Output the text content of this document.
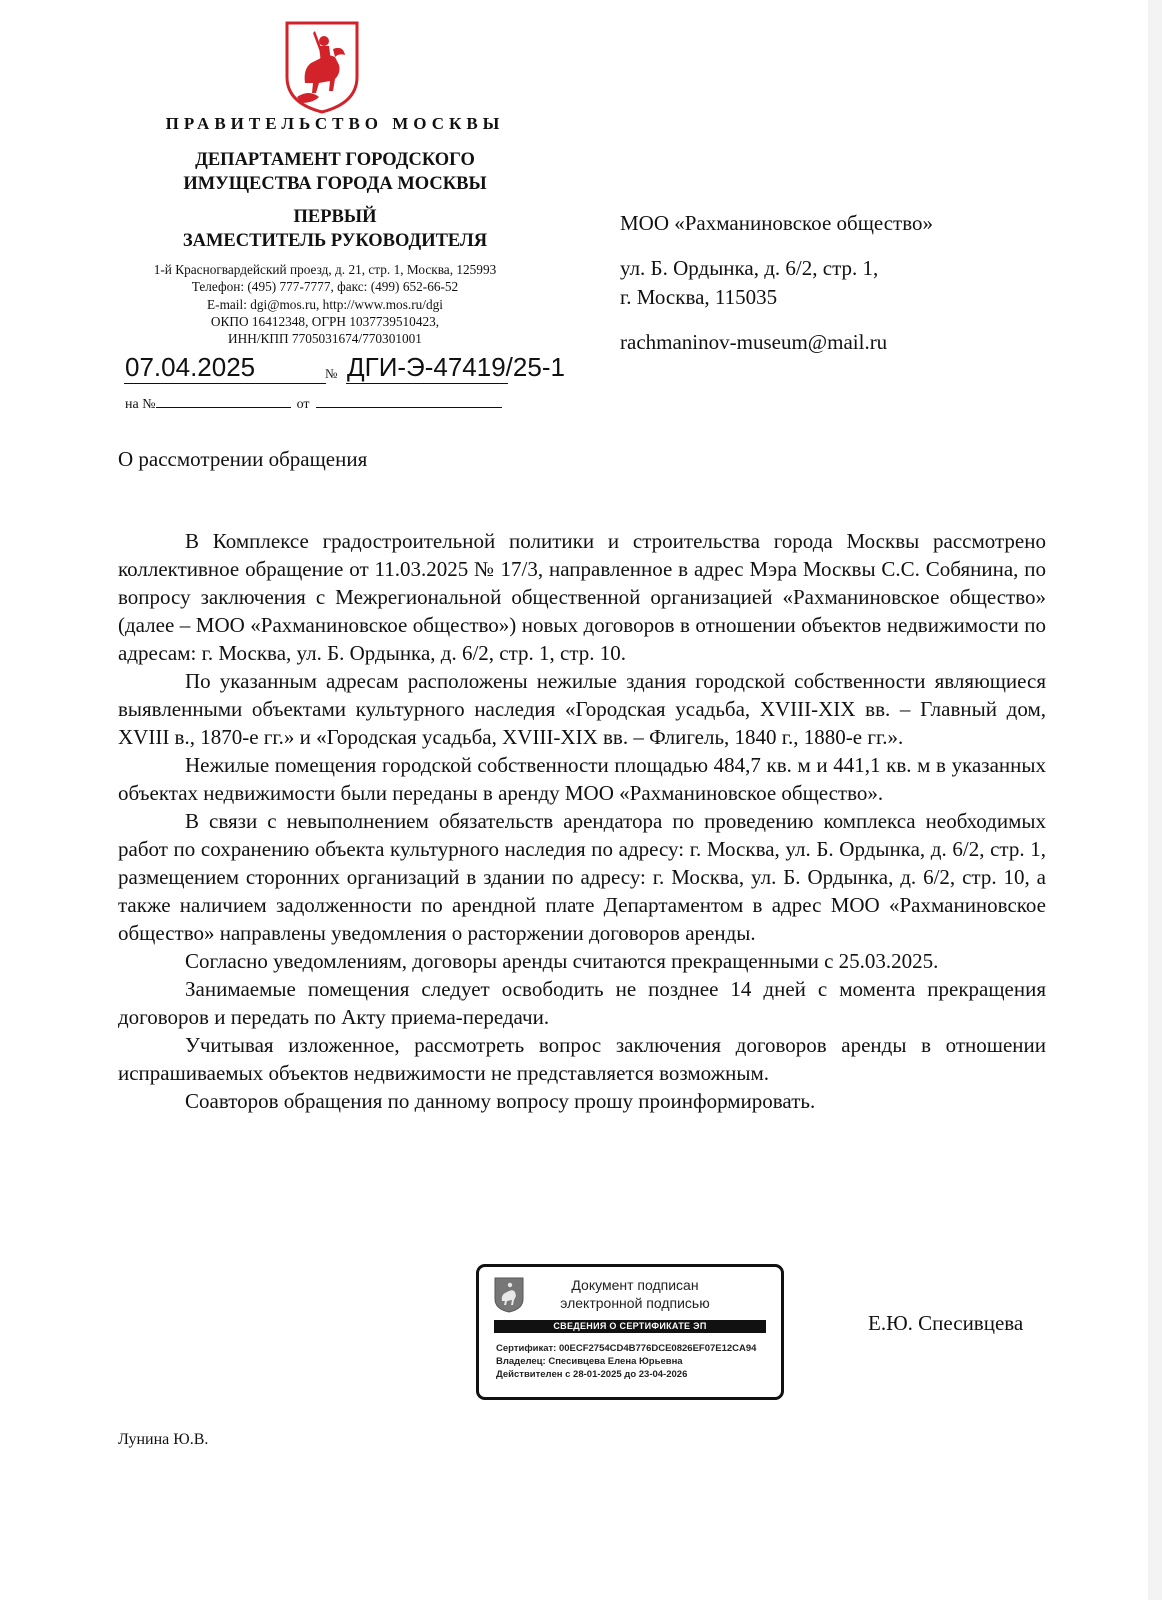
ПРАВИТЕЛЬСТВО МОСКВЫ
ДЕПАРТАМЕНТ ГОРОДСКОГО
ИМУЩЕСТВА ГОРОДА МОСКВЫ
ПЕРВЫЙ
ЗАМЕСТИТЕЛЬ РУКОВОДИТЕЛЯ
1-й Красногвардейский проезд, д. 21, стр. 1, Москва, 125993
Телефон: (495) 777-7777, факс: (499) 652-66-52
E-mail: dgi@mos.ru, http://www.mos.ru/dgi
ОКПО 16412348, ОГРН 1037739510423,
ИНН/КПП 7705031674/770301001
07.04.2025	№ ДГИ-Э-47419/25-1
на №	от
МОО «Рахманиновское общество»
ул. Б. Ордынка, д. 6/2, стр. 1,
г. Москва, 115035
rachmaninov-museum@mail.ru
О рассмотрении обращения

В Комплексе градостроительной политики и строительства города Москвы рассмотрено коллективное обращение от 11.03.2025 № 17/3, направленное в адрес Мэра Москвы С.С. Собянина, по вопросу заключения с Межрегиональной общественной организацией «Рахманиновское общество» (далее – МОО «Рахманиновское общество») новых договоров в отношении объектов недвижимости по адресам: г. Москва, ул. Б. Ордынка, д. 6/2, стр. 1, стр. 10.

По указанным адресам расположены нежилые здания городской собственности являющиеся выявленными объектами культурного наследия «Городская усадьба, XVIII-XIX вв. – Главный дом, XVIII в., 1870-е гг.» и «Городская усадьба, XVIII-XIX вв. – Флигель, 1840 г., 1880-е гг.».

Нежилые помещения городской собственности площадью 484,7 кв. м и 441,1 кв. м в указанных объектах недвижимости были переданы в аренду МОО «Рахманиновское общество».

В связи с невыполнением обязательств арендатора по проведению комплекса необходимых работ по сохранению объекта культурного наследия по адресу: г. Москва, ул. Б. Ордынка, д. 6/2, стр. 1, размещением сторонних организаций в здании по адресу: г. Москва, ул. Б. Ордынка, д. 6/2, стр. 10, а также наличием задолженности по арендной плате Департаментом в адрес МОО «Рахманиновское общество» направлены уведомления о расторжении договоров аренды.

Согласно уведомлениям, договоры аренды считаются прекращенными с 25.03.2025.

Занимаемые помещения следует освободить не позднее 14 дней с момента прекращения договоров и передать по Акту приема-передачи.

Учитывая изложенное, рассмотреть вопрос заключения договоров аренды в отношении испрашиваемых объектов недвижимости не представляется возможным.

Соавторов обращения по данному вопросу прошу проинформировать.

Документ подписан
электронной подписью
СВЕДЕНИЯ О СЕРТИФИКАТЕ ЭП
Сертификат: 00ECF2754CD4B776DCE0826EF07E12CA94
Владелец: Спесивцева Елена Юрьевна
Действителен с 28-01-2025 до 23-04-2026
Е.Ю. Спесивцева
Лунина Ю.В.
